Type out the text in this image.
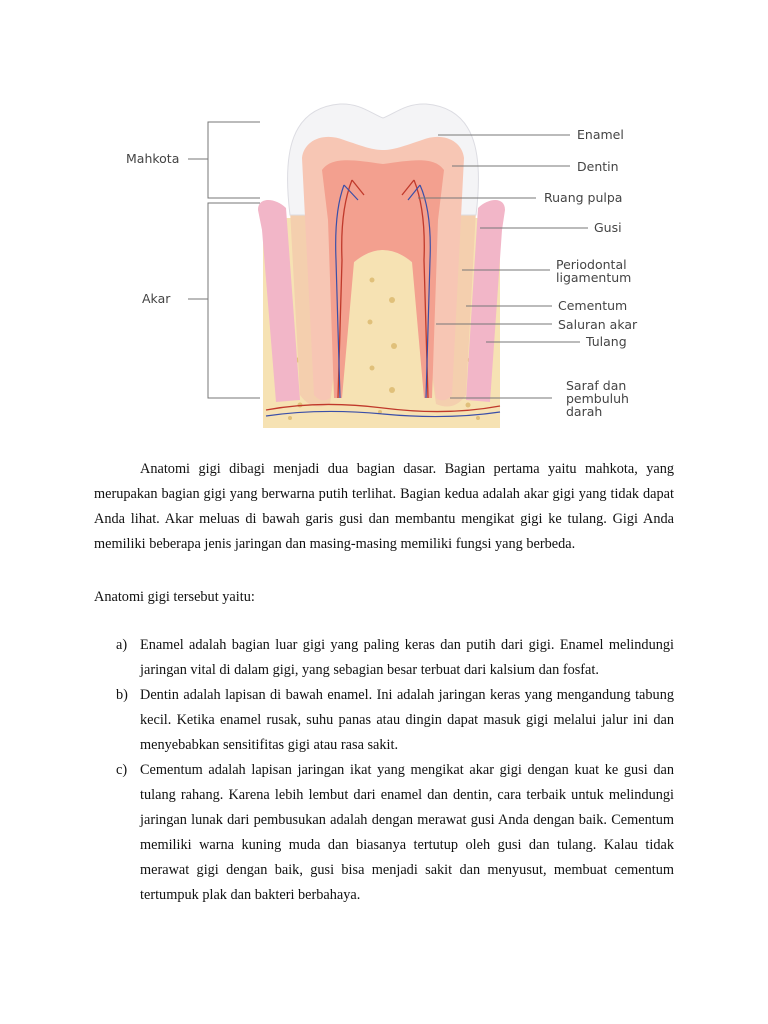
Mahkota
Akar
Enamel
Dentin
Ruang pulpa
Gusi
Periodontal
ligamentum
Cementum
Saluran akar
Tulang
Saraf dan
pembuluh
darah

Anatomi gigi dibagi menjadi dua bagian dasar. Bagian pertama yaitu mahkota, yang merupakan bagian gigi yang berwarna putih terlihat. Bagian kedua adalah akar gigi yang tidak dapat Anda lihat. Akar meluas di bawah garis gusi dan membantu mengikat gigi ke tulang. Gigi Anda memiliki beberapa jenis jaringan dan masing-masing memiliki fungsi yang berbeda.

Anatomi gigi tersebut yaitu:

a) Enamel adalah bagian luar gigi yang paling keras dan putih dari gigi. Enamel melindungi jaringan vital di dalam gigi, yang sebagian besar terbuat dari kalsium dan fosfat.
b) Dentin adalah lapisan di bawah enamel. Ini adalah jaringan keras yang mengandung tabung kecil. Ketika enamel rusak, suhu panas atau dingin dapat masuk gigi melalui jalur ini dan menyebabkan sensitifitas gigi atau rasa sakit.
c) Cementum adalah lapisan jaringan ikat yang mengikat akar gigi dengan kuat ke gusi dan tulang rahang. Karena lebih lembut dari enamel dan dentin, cara terbaik untuk melindungi jaringan lunak dari pembusukan adalah dengan merawat gusi Anda dengan baik. Cementum memiliki warna kuning muda dan biasanya tertutup oleh gusi dan tulang. Kalau tidak merawat gigi dengan baik, gusi bisa menjadi sakit dan menyusut, membuat cementum tertumpuk plak dan bakteri berbahaya.
